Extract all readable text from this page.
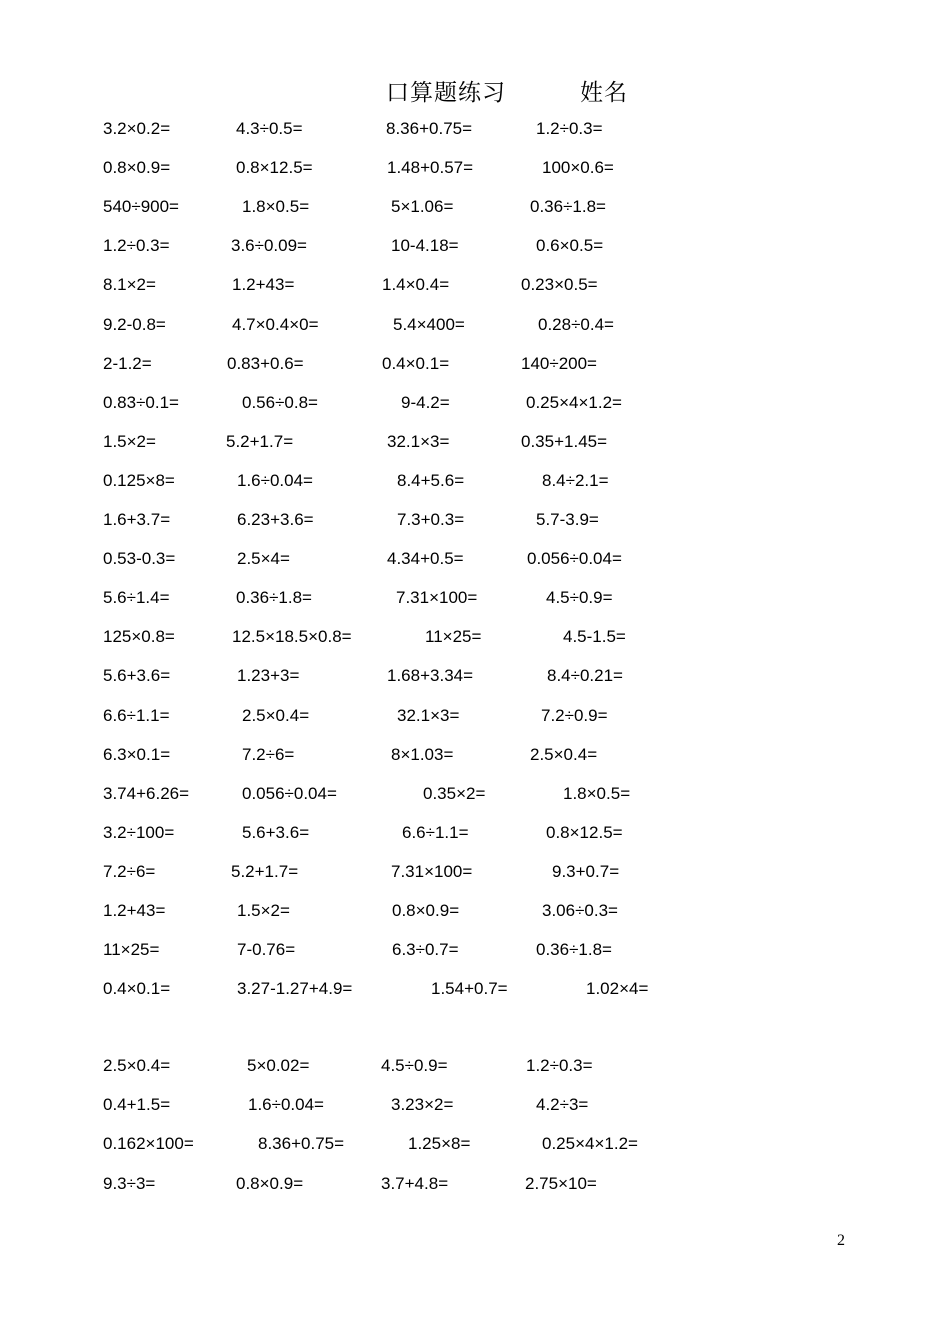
口算题练习	姓名
3.2×0.2=	4.3÷0.5=	8.36+0.75=	1.2÷0.3=
0.8×0.9=	0.8×12.5=	1.48+0.57=	100×0.6=
540÷900=	1.8×0.5=	5×1.06=	0.36÷1.8=
1.2÷0.3=	3.6÷0.09=	10-4.18=	0.6×0.5=
8.1×2=	1.2+43=	1.4×0.4=	0.23×0.5=
9.2-0.8=	4.7×0.4×0=	5.4×400=	0.28÷0.4=
2-1.2=	0.83+0.6=	0.4×0.1=	140÷200=
0.83÷0.1=	0.56÷0.8=	9-4.2=	0.25×4×1.2=
1.5×2=	5.2+1.7=	32.1×3=	0.35+1.45=
0.125×8=	1.6÷0.04=	8.4+5.6=	8.4÷2.1=
1.6+3.7=	6.23+3.6=	7.3+0.3=	5.7-3.9=
0.53-0.3=	2.5×4=	4.34+0.5=	0.056÷0.04=
5.6÷1.4=	0.36÷1.8=	7.31×100=	4.5÷0.9=
125×0.8=	12.5×18.5×0.8=	11×25=	4.5-1.5=
5.6+3.6=	1.23+3=	1.68+3.34=	8.4÷0.21=
6.6÷1.1=	2.5×0.4=	32.1×3=	7.2÷0.9=
6.3×0.1=	7.2÷6=	8×1.03=	2.5×0.4=
3.74+6.26=	0.056÷0.04=	0.35×2=	1.8×0.5=
3.2÷100=	5.6+3.6=	6.6÷1.1=	0.8×12.5=
7.2÷6=	5.2+1.7=	7.31×100=	9.3+0.7=
1.2+43=	1.5×2=	0.8×0.9=	3.06÷0.3=
11×25=	7-0.76=	6.3÷0.7=	0.36÷1.8=
0.4×0.1=	3.27-1.27+4.9=	1.54+0.7=	1.02×4=
2.5×0.4=	5×0.02=	4.5÷0.9=	1.2÷0.3=
0.4+1.5=	1.6÷0.04=	3.23×2=	4.2÷3=
0.162×100=	8.36+0.75=	1.25×8=	0.25×4×1.2=
9.3÷3=	0.8×0.9=	3.7+4.8=	2.75×10=
2
